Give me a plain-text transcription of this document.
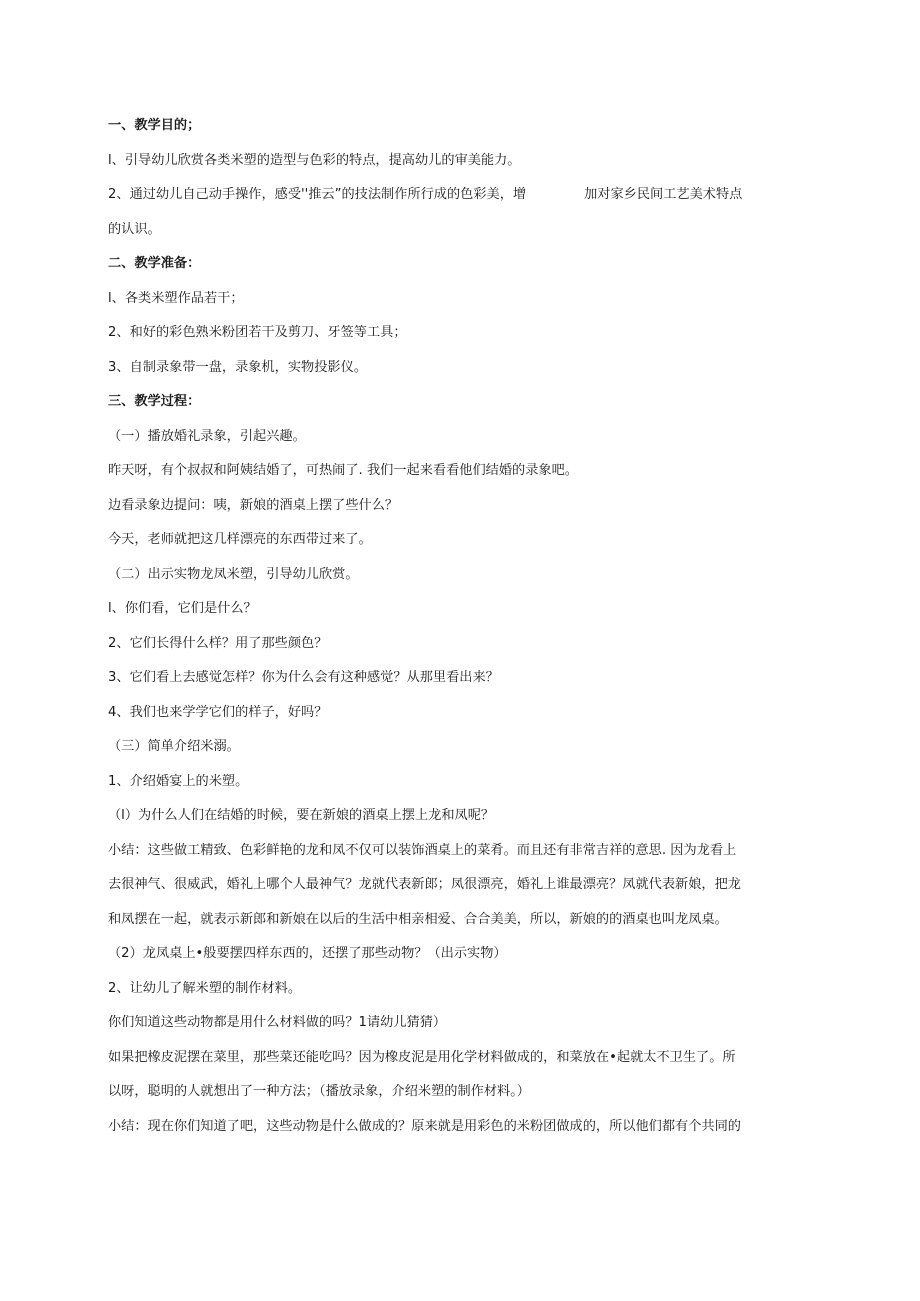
一、教学目的；
l、引导幼儿欣赏各类米塑的造型与色彩的特点，提高幼儿的审美能力。
2、通过幼儿自己动手操作，感受''推云”的技法制作所行成的色彩美，增	加对家乡民间工艺美术特点
的认识。
二、教学准备：
l、各类米塑作品若干；
2、和好的彩色熟米粉团若干及剪刀、牙签等工具；
3、自制录象带一盘，录象机，实物投影仪。
三、教学过程：
（一）播放婚礼录象，引起兴趣。
昨天呀，有个叔叔和阿姨结婚了，可热闹了. 我们一起来看看他们结婚的录象吧。
边看录象边提问：咦，新娘的酒桌上摆了些什么？
今天，老师就把这几样漂亮的东西带过来了。
（二）出示实物龙凤米塑，引导幼儿欣赏。
l、你们看，它们是什么？
2、它们长得什么样？用了那些颜色？
3、它们看上去感觉怎样？你为什么会有这种感觉？从那里看出来？
4、我们也来学学它们的样子，好吗？
（三）简单介绍米溺。
1、介绍婚宴上的米塑。
（l）为什么人们在结婚的时候，要在新娘的酒桌上摆上龙和凤呢？
小结：这些做工精致、色彩鲜艳的龙和凤不仅可以装饰酒桌上的菜肴。而且还有非常吉祥的意思. 因为龙看上
去很神气、很威武，婚礼上哪个人最神气？龙就代表新郎；凤很漂亮，婚礼上谁最漂亮？凤就代表新娘，把龙
和凤摆在一起，就表示新郎和新娘在以后的生活中相亲相爱、合合美美，所以，新娘的的酒桌也叫龙凤桌。
（2）龙凤桌上•般要摆四样东西的，还摆了那些动物？（出示实物）
2、让幼儿了解米塑的制作材料。
你们知道这些动物都是用什么材料做的吗？1请幼儿猜猜）
如果把橡皮泥摆在菜里，那些菜还能吃吗？因为橡皮泥是用化学材料做成的，和菜放在•起就太不卫生了。所
以呀，聪明的人就想出了一种方法；（播放录象，介绍米塑的制作材料。）
小结：现在你们知道了吧，这些动物是什么做成的？原来就是用彩色的米粉团做成的，所以他们都有个共同的
